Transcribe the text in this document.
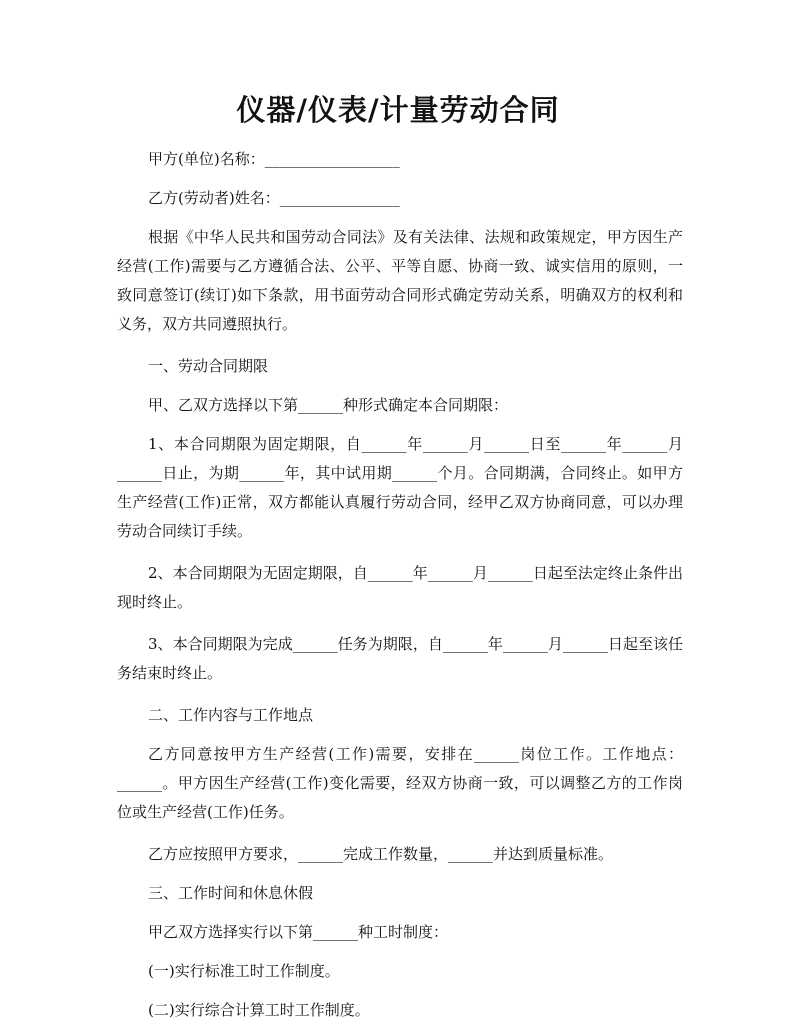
仪器/仪表/计量劳动合同

甲方(单位)名称：__________________

乙方(劳动者)姓名：________________

根据《中华人民共和国劳动合同法》及有关法律、法规和政策规定，甲方因生产经营(工作)需要与乙方遵循合法、公平、平等自愿、协商一致、诚实信用的原则，一致同意签订(续订)如下条款，用书面劳动合同形式确定劳动关系，明确双方的权利和义务，双方共同遵照执行。

一、劳动合同期限

甲、乙双方选择以下第______种形式确定本合同期限：

1、本合同期限为固定期限，自______年______月______日至______年______月______日止，为期______年，其中试用期______个月。合同期满，合同终止。如甲方生产经营(工作)正常，双方都能认真履行劳动合同，经甲乙双方协商同意，可以办理劳动合同续订手续。

2、本合同期限为无固定期限，自______年______月______日起至法定终止条件出现时终止。

3、本合同期限为完成______任务为期限，自______年______月______日起至该任务结束时终止。

二、工作内容与工作地点

乙方同意按甲方生产经营(工作)需要，安排在______岗位工作。工作地点：______。甲方因生产经营(工作)变化需要，经双方协商一致，可以调整乙方的工作岗位或生产经营(工作)任务。

乙方应按照甲方要求，______完成工作数量，______并达到质量标准。

三、工作时间和休息休假

甲乙双方选择实行以下第______种工时制度：

(一)实行标准工时工作制度。

(二)实行综合计算工时工作制度。
